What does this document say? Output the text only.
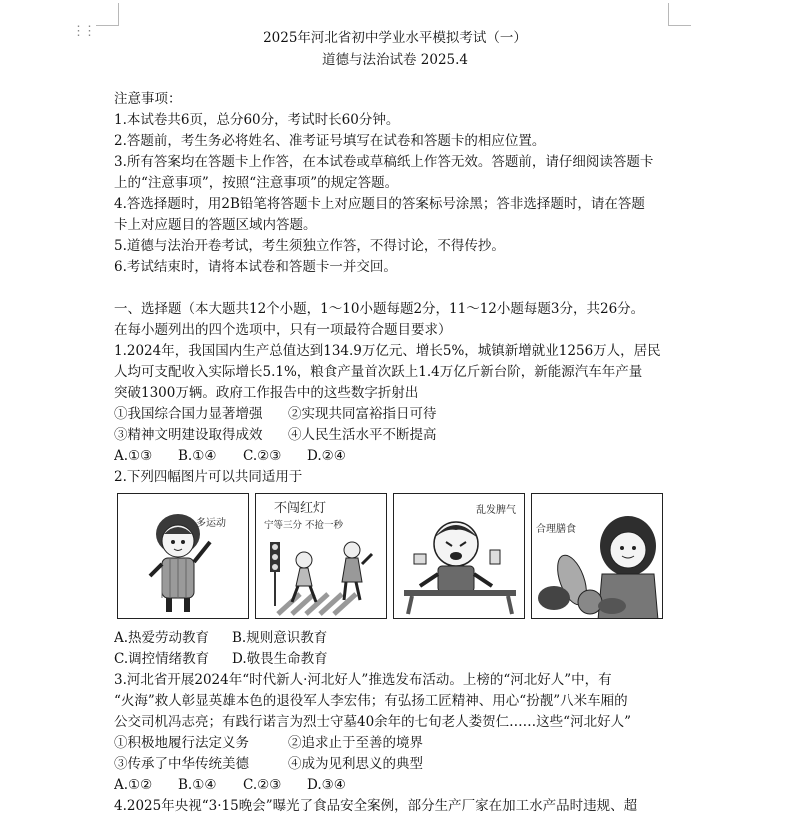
⋮⋮	2025年河北省初中学业水平模拟考试（一）
道德与法治试卷 2025.4
注意事项：
1.本试卷共6页，总分60分，考试时长60分钟。
2.答题前，考生务必将姓名、准考证号填写在试卷和答题卡的相应位置。
3.所有答案均在答题卡上作答，在本试卷或草稿纸上作答无效。答题前，请仔细阅读答题卡
上的“注意事项”，按照“注意事项”的规定答题。
4.答选择题时，用2B铅笔将答题卡上对应题目的答案标号涂黑；答非选择题时，请在答题
卡上对应题目的答题区域内答题。
5.道德与法治开卷考试，考生须独立作答，不得讨论，不得传抄。
6.考试结束时，请将本试卷和答题卡一并交回。
一、选择题（本大题共12个小题，1～10小题每题2分，11～12小题每题3分，共26分。
在每小题列出的四个选项中，只有一项最符合题目要求）
1.2024年，我国国内生产总值达到134.9万亿元、增长5%，城镇新增就业1256万人，居民
人均可支配收入实际增长5.1%，粮食产量首次跃上1.4万亿斤新台阶，新能源汽车年产量
突破1300万辆。政府工作报告中的这些数字折射出
①我国综合国力显著增强	②实现共同富裕指日可待
③精神文明建设取得成效	④人民生活水平不断提高
A.①③	B.①④	C.②③	D.②④
2.下列四幅图片可以共同适用于
多运动
不闯红灯
宁等三分 不抢一秒
乱发脾气
合理膳食
A.热爱劳动教育	B.规则意识教育
C.调控情绪教育	D.敬畏生命教育
3.河北省开展2024年“时代新人·河北好人”推选发布活动。上榜的“河北好人”中，有
“火海”救人彰显英雄本色的退役军人李宏伟；有弘扬工匠精神、用心“扮靓”八米车厢的
公交司机冯志亮；有践行诺言为烈士守墓40余年的七旬老人娄贺仁……这些“河北好人”
①积极地履行法定义务	②追求止于至善的境界
③传承了中华传统美德	④成为见利思义的典型
A.①②	B.①④	C.②③	D.③④
4.2025年央视“3·15晚会”曝光了食品安全案例，部分生产厂家在加工水产品时违规、超
